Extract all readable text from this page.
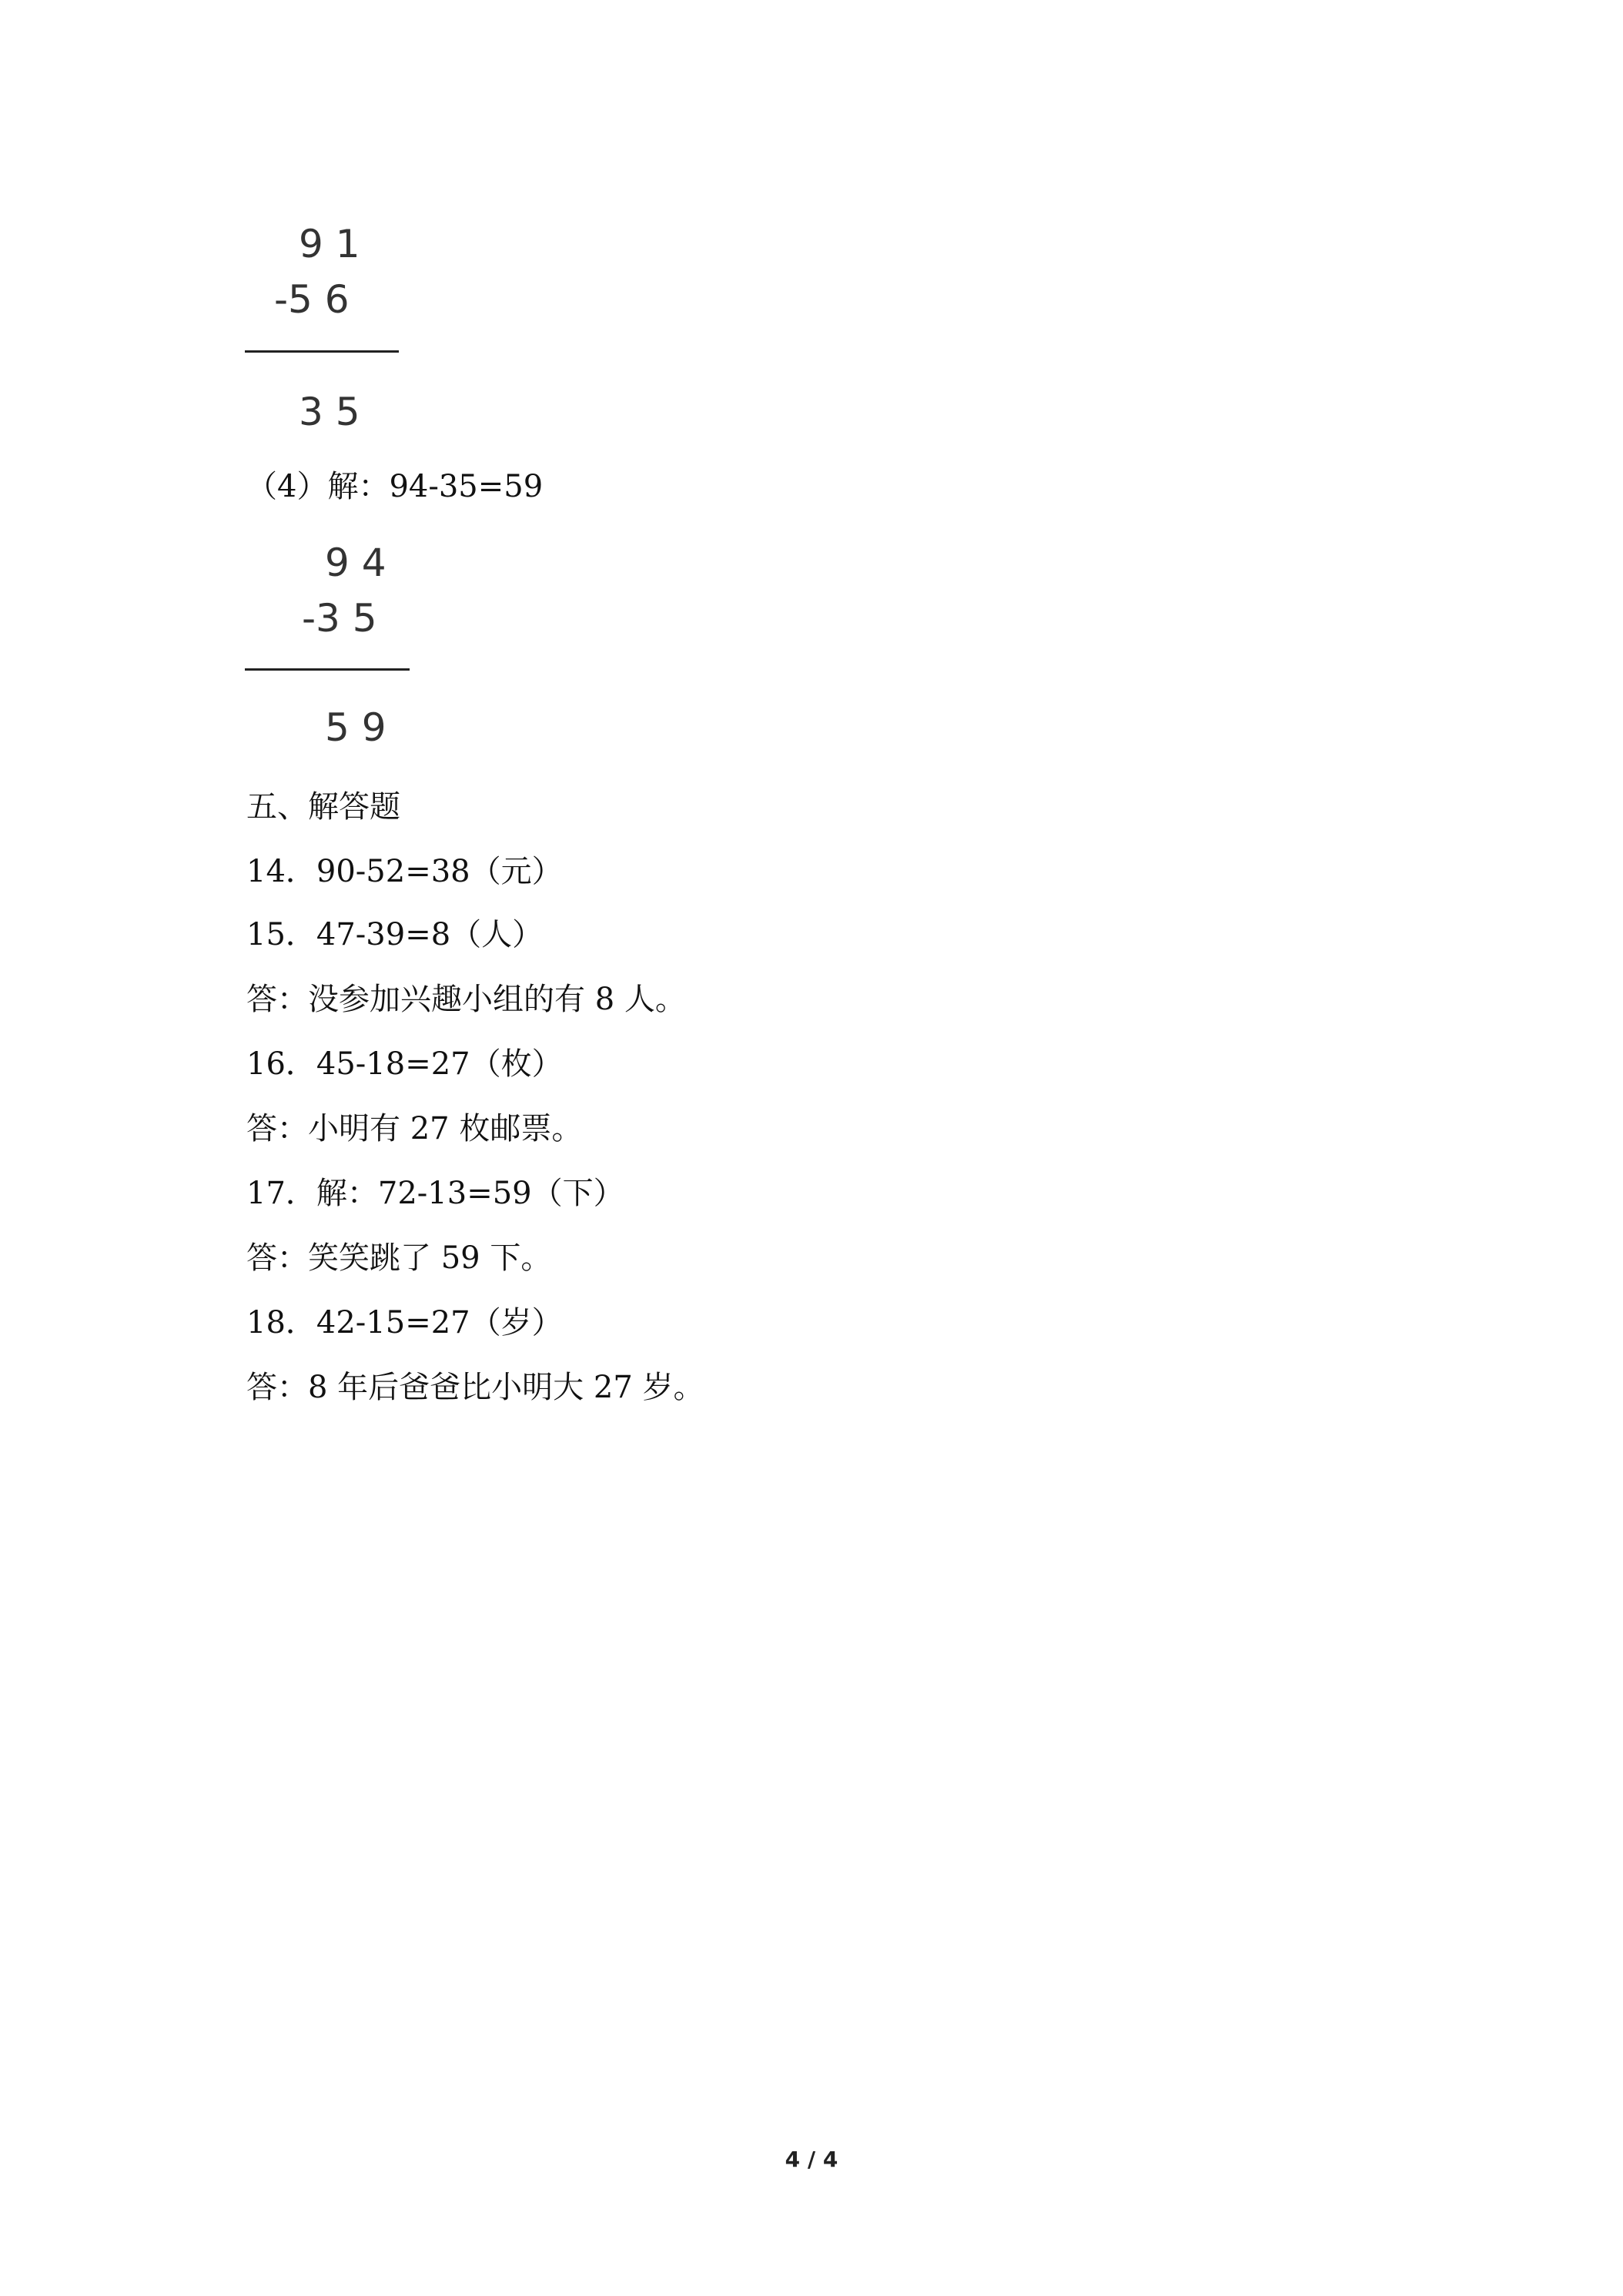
9 1
-5 6
3 5
（4）解：94-35=59
9 4
-3 5
5 9
五、解答题
14．90-52=38（元）
15．47-39=8（人）
答：没参加兴趣小组的有 8 人。
16．45-18=27（枚）
答：小明有 27 枚邮票。
17．解：72-13=59（下）
答：笑笑跳了 59 下。
18．42-15=27（岁）
答：8 年后爸爸比小明大 27 岁。
4 / 4
